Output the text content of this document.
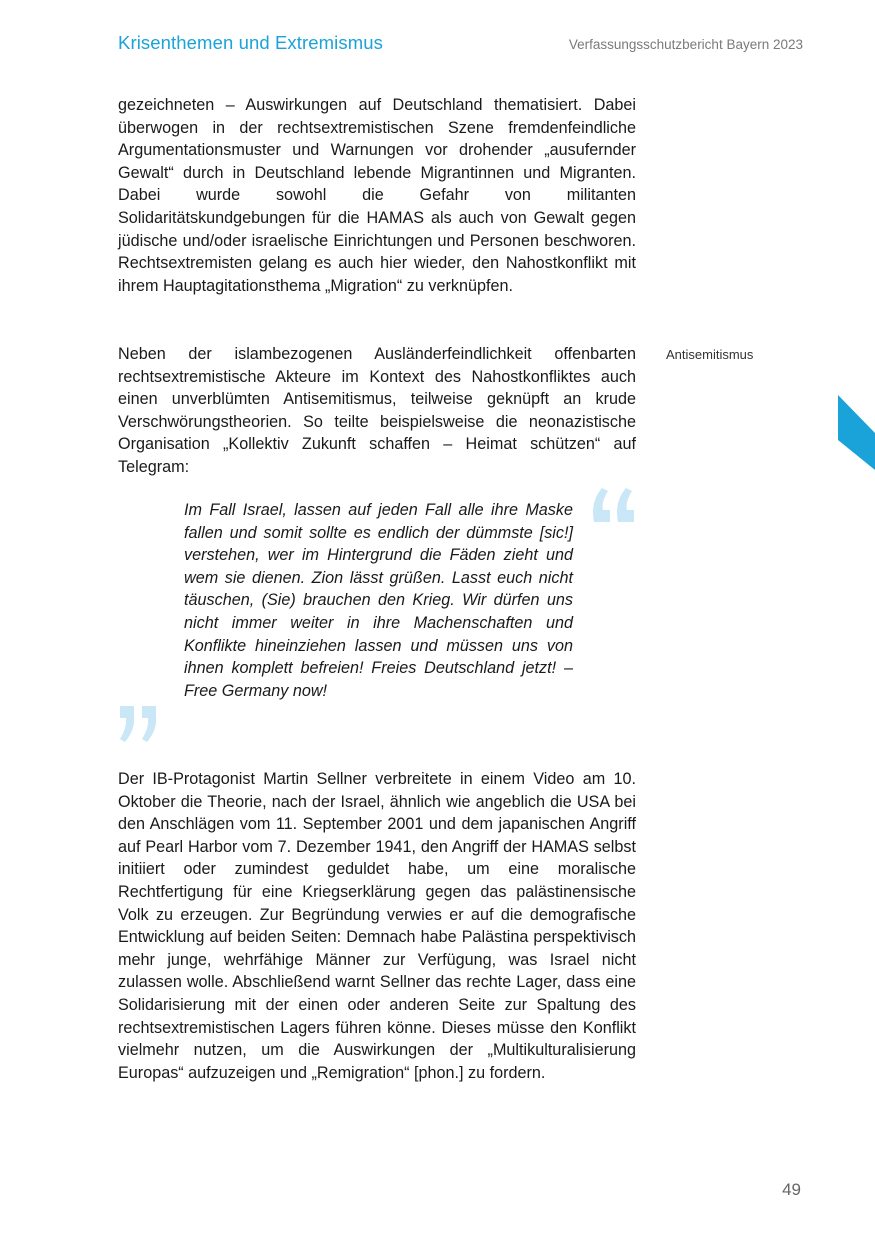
Krisenthemen und Extremismus	Verfassungsschutzbericht Bayern 2023

gezeichneten – Auswirkungen auf Deutschland thematisiert. Dabei überwogen in der rechtsextremistischen Szene fremdenfeindliche Argumentationsmuster und Warnungen vor drohender „ausufernder Gewalt“ durch in Deutschland lebende Migrantinnen und Migranten. Dabei wurde sowohl die Gefahr von militanten Solidaritätskundgebungen für die HAMAS als auch von Gewalt gegen jüdische und/oder israelische Einrichtungen und Personen beschworen. Rechtsextremisten gelang es auch hier wieder, den Nahostkonflikt mit ihrem Hauptagitationsthema „Migration“ zu verknüpfen.

Antisemitismus

Neben der islambezogenen Ausländerfeindlichkeit offenbarten rechtsextremistische Akteure im Kontext des Nahostkonfliktes auch einen unverblümten Antisemitismus, teilweise geknüpft an krude Verschwörungstheorien. So teilte beispielsweise die neonazistische Organisation „Kollektiv Zukunft schaffen – Heimat schützen“ auf Telegram:

Im Fall Israel, lassen auf jeden Fall alle ihre Maske fallen und somit sollte es endlich der dümmste [sic!] verstehen, wer im Hintergrund die Fäden zieht und wem sie dienen. Zion lässt grüßen. Lasst euch nicht täuschen, (Sie) brauchen den Krieg. Wir dürfen uns nicht immer weiter in ihre Machenschaften und Konflikte hineinziehen lassen und müssen uns von ihnen komplett befreien! Freies Deutschland jetzt! – Free Germany now!

Der IB-Protagonist Martin Sellner verbreitete in einem Video am 10. Oktober die Theorie, nach der Israel, ähnlich wie angeblich die USA bei den Anschlägen vom 11. September 2001 und dem japanischen Angriff auf Pearl Harbor vom 7. Dezember 1941, den Angriff der HAMAS selbst initiiert oder zumindest geduldet habe, um eine moralische Rechtfertigung für eine Kriegserklärung gegen das palästinensische Volk zu erzeugen. Zur Begründung verwies er auf die demografische Entwicklung auf beiden Seiten: Demnach habe Palästina perspektivisch mehr junge, wehrfähige Männer zur Verfügung, was Israel nicht zulassen wolle. Abschließend warnt Sellner das rechte Lager, dass eine Solidarisierung mit der einen oder anderen Seite zur Spaltung des rechtsextremistischen Lagers führen könne. Dieses müsse den Konflikt vielmehr nutzen, um die Auswirkungen der „Multikulturalisierung Europas“ aufzuzeigen und „Remigration“ [phon.] zu fordern.

49
